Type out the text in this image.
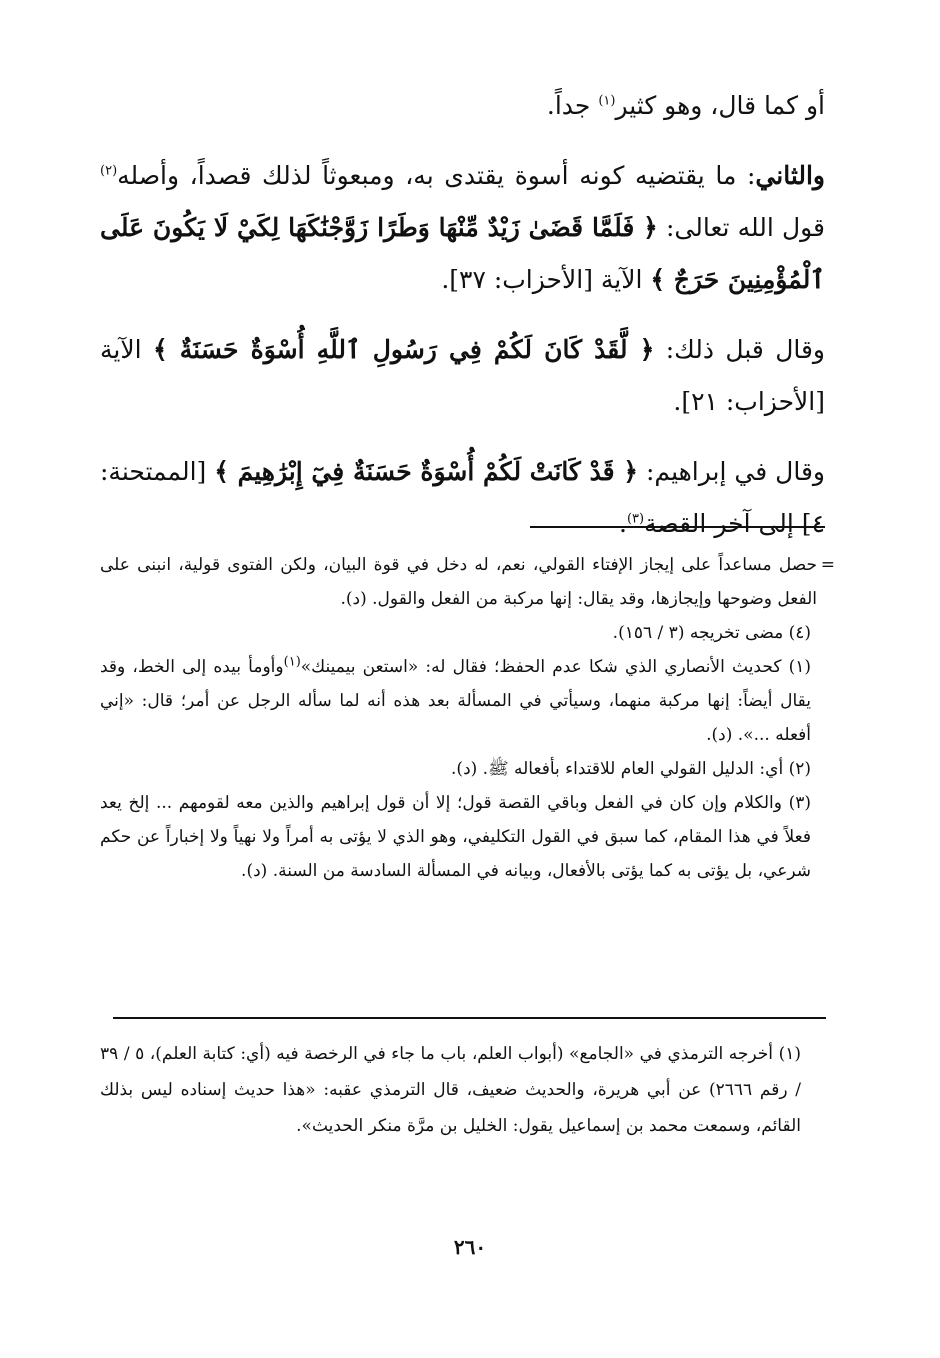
أو كما قال، وهو كثير$^{(١)}$ جداً.

والثاني: ما يقتضيه كونه أسوة يقتدى به، ومبعوثاً لذلك قصداً، وأصله$^{(٢)}$ قول الله تعالى: ﴿ فَلَمَّا قَضَىٰ زَيْدٌ مِّنْهَا وَطَرًا زَوَّجْنَٰكَهَا لِكَيْ لَا يَكُونَ عَلَى ٱلْمُؤْمِنِينَ حَرَجٌ ﴾ الآية [الأحزاب: ٣٧].

وقال قبل ذلك: ﴿ لَّقَدْ كَانَ لَكُمْ فِي رَسُولِ ٱللَّهِ أُسْوَةٌ حَسَنَةٌ ﴾ الآية [الأحزاب: ٢١].

وقال في إبراهيم: ﴿ قَدْ كَانَتْ لَكُمْ أُسْوَةٌ حَسَنَةٌ فِيٓ إِبْرَٰهِيمَ ﴾ [الممتحنة: ٤] إلى آخر القصة$^{(٣)}$.

=
حصل مساعداً على إيجاز الإفتاء القولي، نعم، له دخل في قوة البيان، ولكن الفتوى قولية، انبنى على الفعل وضوحها وإيجازها، وقد يقال: إنها مركبة من الفعل والقول. (د).

(٤) مضى تخريجه (٣ / ١٥٦).

(١) كحديث الأنصاري الذي شكا عدم الحفظ؛ فقال له: «استعن بيمينك»$^{(١)}$وأومأ بيده إلى الخط، وقد يقال أيضاً: إنها مركبة منهما، وسيأتي في المسألة بعد هذه أنه لما سأله الرجل عن أمر؛ قال: «إني أفعله ...». (د).

(٢) أي: الدليل القولي العام للاقتداء بأفعاله ﷺ. (د).

(٣) والكلام وإن كان في الفعل وباقي القصة قول؛ إلا أن قول إبراهيم والذين معه لقومهم ... إلخ يعد فعلاً في هذا المقام، كما سبق في القول التكليفي، وهو الذي لا يؤتى به أمراً ولا نهياً ولا إخباراً عن حكم شرعي، بل يؤتى به كما يؤتى بالأفعال، وبيانه في المسألة السادسة من السنة. (د).

(١) أخرجه الترمذي في «الجامع» (أبواب العلم، باب ما جاء في الرخصة فيه (أي: كتابة العلم)، ٥ / ٣٩ / رقم ٢٦٦٦) عن أبي هريرة، والحديث ضعيف، قال الترمذي عقبه: «هذا حديث إسناده ليس بذلك القائم، وسمعت محمد بن إسماعيل يقول: الخليل بن مرَّة منكر الحديث».

٢٦٠
